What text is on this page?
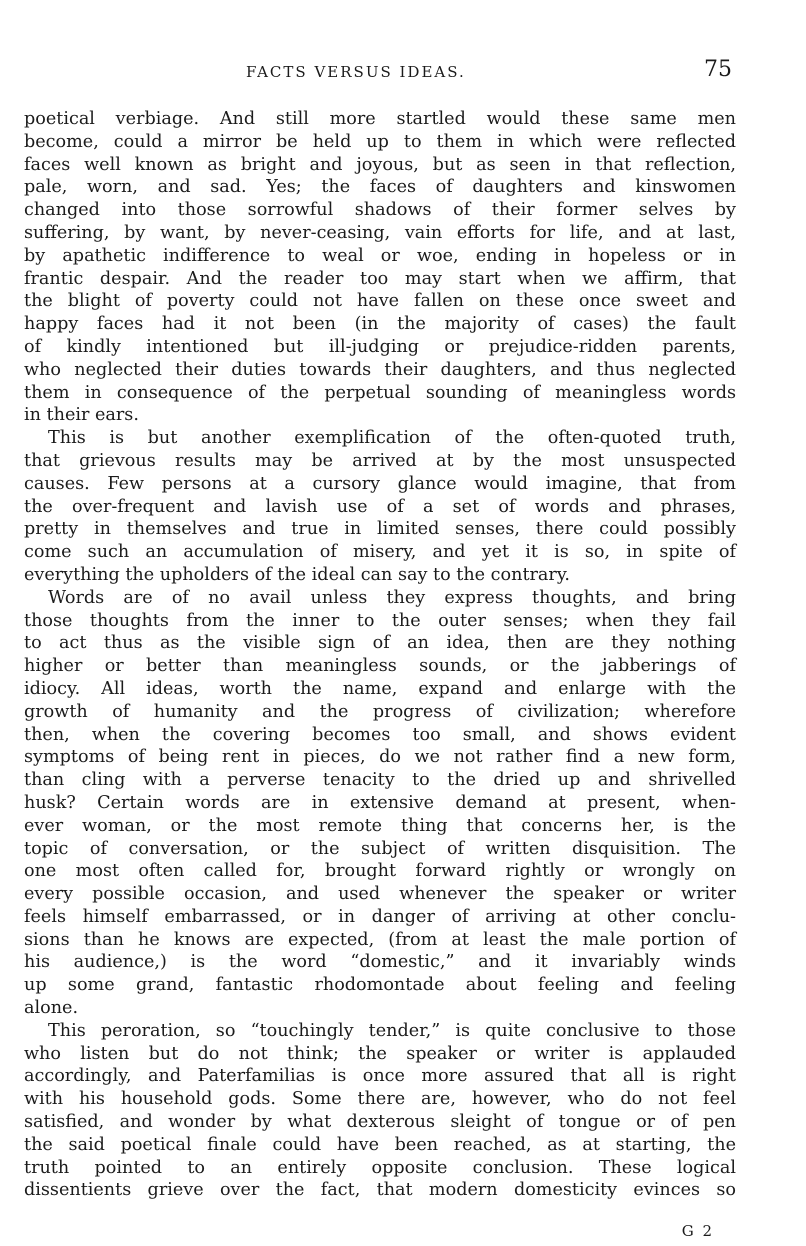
FACTS VERSUS IDEAS.	75
poetical verbiage. And still more startled would these same men
become, could a mirror be held up to them in which were reflected
faces well known as bright and joyous, but as seen in that reflection,
pale, worn, and sad. Yes; the faces of daughters and kinswomen
changed into those sorrowful shadows of their former selves by
suffering, by want, by never-ceasing, vain efforts for life, and at last,
by apathetic indifference to weal or woe, ending in hopeless or in
frantic despair. And the reader too may start when we affirm, that
the blight of poverty could not have fallen on these once sweet and
happy faces had it not been (in the majority of cases) the fault
of kindly intentioned but ill-judging or prejudice-ridden parents,
who neglected their duties towards their daughters, and thus neglected
them in consequence of the perpetual sounding of meaningless words
in their ears.
This is but another exemplification of the often-quoted truth,
that grievous results may be arrived at by the most unsuspected
causes. Few persons at a cursory glance would imagine, that from
the over-frequent and lavish use of a set of words and phrases,
pretty in themselves and true in limited senses, there could possibly
come such an accumulation of misery, and yet it is so, in spite of
everything the upholders of the ideal can say to the contrary.
Words are of no avail unless they express thoughts, and bring
those thoughts from the inner to the outer senses; when they fail
to act thus as the visible sign of an idea, then are they nothing
higher or better than meaningless sounds, or the jabberings of
idiocy. All ideas, worth the name, expand and enlarge with the
growth of humanity and the progress of civilization; wherefore
then, when the covering becomes too small, and shows evident
symptoms of being rent in pieces, do we not rather find a new form,
than cling with a perverse tenacity to the dried up and shrivelled
husk? Certain words are in extensive demand at present, when-
ever woman, or the most remote thing that concerns her, is the
topic of conversation, or the subject of written disquisition. The
one most often called for, brought forward rightly or wrongly on
every possible occasion, and used whenever the speaker or writer
feels himself embarrassed, or in danger of arriving at other conclu-
sions than he knows are expected, (from at least the male portion of
his audience,) is the word “domestic,” and it invariably winds
up some grand, fantastic rhodomontade about feeling and feeling
alone.
This peroration, so “touchingly tender,” is quite conclusive to those
who listen but do not think; the speaker or writer is applauded
accordingly, and Paterfamilias is once more assured that all is right
with his household gods. Some there are, however, who do not feel
satisfied, and wonder by what dexterous sleight of tongue or of pen
the said poetical finale could have been reached, as at starting, the
truth pointed to an entirely opposite conclusion. These logical
dissentients grieve over the fact, that modern domesticity evinces so
G 2
